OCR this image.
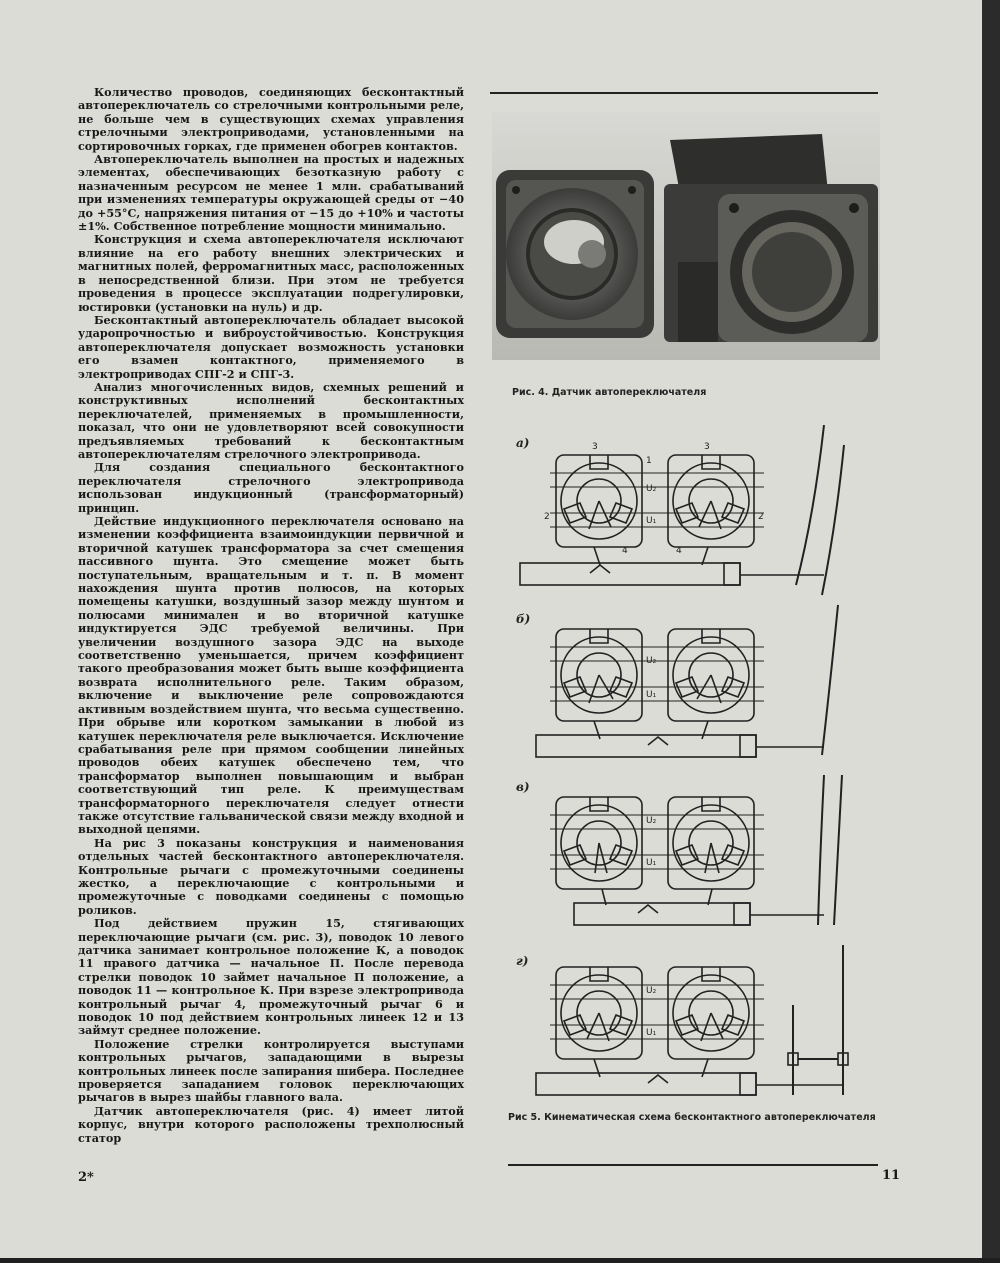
Количество проводов, соединяющих бесконтактный автопереключатель со стрелочными контрольными реле, не больше чем в существующих схемах управления стрелочными электроприводами, установленными на сортировочных горках, где применен обогрев контактов.

Автопереключатель выполнен на простых и надежных элементах, обеспечивающих безотказную работу с назначенным ресурсом не менее 1 млн. срабатываний при изменениях температуры окружающей среды от −40 до +55°С, напряжения питания от −15 до +10% и частоты ±1%. Собственное потребление мощности минимально.

Конструкция и схема автопереключателя исключают влияние на его работу внешних электрических и магнитных полей, ферромагнитных масс, расположенных в непосредственной близи. При этом не требуется проведения в процессе эксплуатации подрегулировки, юстировки (установки на нуль) и др.

Бесконтактный автопереключатель обладает высокой ударопрочностью и виброустойчивостью. Конструкция автопереключателя допускает возможность установки его взамен контактного, применяемого в электроприводах СПГ-2 и СПГ-3.

Анализ многочисленных видов, схемных решений и конструктивных исполнений бесконтактных переключателей, применяемых в промышленности, показал, что они не удовлетворяют всей совокупности предъявляемых требований к бесконтактным автопереключателям стрелочного электропривода.

Для создания специального бесконтактного переключателя стрелочного электропривода использован индукционный (трансформаторный) принцип.

Действие индукционного переключателя основано на изменении коэффициента взаимоиндукции первичной и вторичной катушек трансформатора за счет смещения пассивного шунта. Это смещение может быть поступательным, вращательным и т. п. В момент нахождения шунта против полюсов, на которых помещены катушки, воздушный зазор между шунтом и полюсами минимален и во вторичной катушке индуктируется ЭДС требуемой величины. При увеличении воздушного зазора ЭДС на выходе соответственно уменьшается, причем коэффициент такого преобразования может быть выше коэффициента возврата исполнительного реле. Таким образом, включение и выключение реле сопровождаются активным воздействием шунта, что весьма существенно. При обрыве или коротком замыкании в любой из катушек переключателя реле выключается. Исключение срабатывания реле при прямом сообщении линейных проводов обеих катушек обеспечено тем, что трансформатор выполнен повышающим и выбран соответствующий тип реле. К преимуществам трансформаторного переключателя следует отнести также отсутствие гальванической связи между входной и выходной цепями.

На рис 3 показаны конструкция и наименования отдельных частей бесконтактного автопереключателя. Контрольные рычаги с промежуточными соединены жестко, а переключающие с контрольными и промежуточные с поводками соединены с помощью роликов.

Под действием пружин 15, стягивающих переключающие рычаги (см. рис. 3), поводок 10 левого датчика занимает контрольное положение К, а поводок 11 правого датчика — начальное П. После перевода стрелки поводок 10 займет начальное П положение, а поводок 11 — контрольное К. При взрезе электропривода контрольный рычаг 4, промежуточный рычаг 6 и поводок 10 под действием контрольных линеек 12 и 13 займут среднее положение.

Положение стрелки контролируется выступами контрольных рычагов, западающими в вырезы контрольных линеек после запирания шибера. Последнее проверяется западанием головок переключающих рычагов в вырез шайбы главного вала.

Датчик автопереключателя (рис. 4) имеет литой корпус, внутри которого расположены трехполюсный статор

Рис. 4. Датчик автопереключателя
а)	3	3
1
U₂
U₁
2	2
4	4
б)
U₂
U₁
в)
U₂
U₁
г)
U₂
U₁
Рис 5. Кинематическая схема бесконтактного автопереключателя
2*	11
